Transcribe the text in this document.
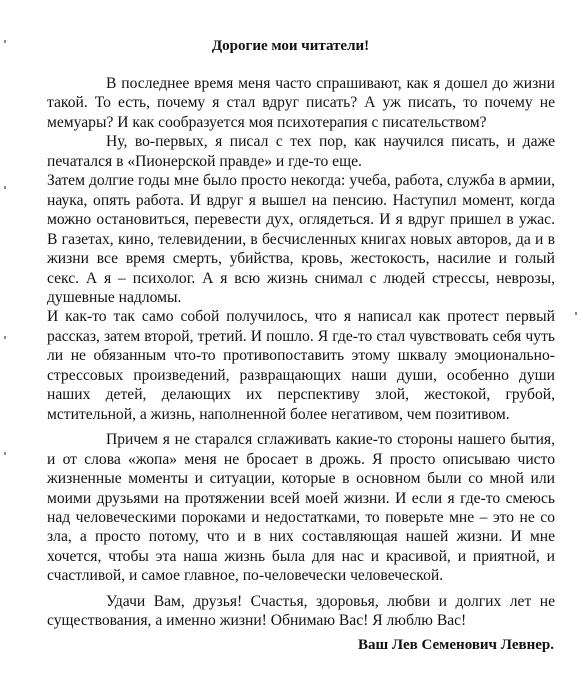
Дорогие мои читатели!

В последнее время меня часто спрашивают, как я дошел до жизни такой. То есть, почему я стал вдруг писать? А уж писать, то почему не мемуары? И как сообразуется моя психотерапия с писательством?

Ну, во-первых, я писал с тех пор, как научился писать, и даже печатался в «Пионерской правде» и где-то еще.

Затем долгие годы мне было просто некогда: учеба, работа, служба в армии, наука, опять работа. И вдруг я вышел на пенсию. Наступил момент, когда можно остановиться, перевести дух, оглядеться. И я вдруг пришел в ужас. В газетах, кино, телевидении, в бесчисленных книгах новых авторов, да и в жизни все время смерть, убийства, кровь, жестокость, насилие и голый секс. А я – психолог. А я всю жизнь снимал с людей стрессы, неврозы, душевные надломы.

И как-то так само собой получилось, что я написал как протест первый рассказ, затем второй, третий. И пошло. Я где-то стал чувствовать себя чуть ли не обязанным что-то противопоставить этому шквалу эмоционально-стрессовых произведений, развращающих наши души, особенно души наших детей, делающих их перспективу злой, жестокой, грубой, мстительной, а жизнь, наполненной более негативом, чем позитивом.

Причем я не старался сглаживать какие-то стороны нашего бытия, и от слова «жопа» меня не бросает в дрожь. Я просто описываю чисто жизненные моменты и ситуации, которые в основном были со мной или моими друзьями на протяжении всей моей жизни. И если я где-то смеюсь над человеческими пороками и недостатками, то поверьте мне – это не со зла, а просто потому, что и в них составляющая нашей жизни. И мне хочется, чтобы эта наша жизнь была для нас и красивой, и приятной, и счастливой, и самое главное, по-человечески человеческой.

Удачи Вам, друзья! Счастья, здоровья, любви и долгих лет не существования, а именно жизни! Обнимаю Вас! Я люблю Вас!

Ваш Лев Семенович Левнер.
